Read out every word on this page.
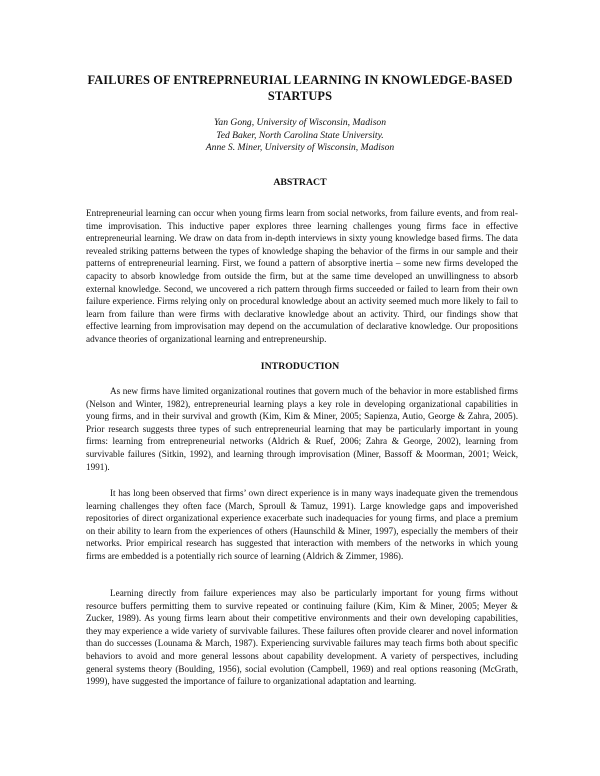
FAILURES OF ENTREPRNEURIAL LEARNING IN KNOWLEDGE-BASED STARTUPS
Yan Gong, University of Wisconsin, Madison
Ted Baker, North Carolina State University.
Anne S. Miner, University of Wisconsin, Madison
ABSTRACT
Entrepreneurial learning can occur when young firms learn from social networks, from failure events, and from real-time improvisation. This inductive paper explores three learning challenges young firms face in effective entrepreneurial learning. We draw on data from in-depth interviews in sixty young knowledge based firms. The data revealed striking patterns between the types of knowledge shaping the behavior of the firms in our sample and their patterns of entrepreneurial learning. First, we found a pattern of absorptive inertia – some new firms developed the capacity to absorb knowledge from outside the firm, but at the same time developed an unwillingness to absorb external knowledge. Second, we uncovered a rich pattern through firms succeeded or failed to learn from their own failure experience. Firms relying only on procedural knowledge about an activity seemed much more likely to fail to learn from failure than were firms with declarative knowledge about an activity. Third, our findings show that effective learning from improvisation may depend on the accumulation of declarative knowledge. Our propositions advance theories of organizational learning and entrepreneurship.
INTRODUCTION
As new firms have limited organizational routines that govern much of the behavior in more established firms (Nelson and Winter, 1982), entrepreneurial learning plays a key role in developing organizational capabilities in young firms, and in their survival and growth (Kim, Kim & Miner, 2005; Sapienza, Autio, George & Zahra, 2005). Prior research suggests three types of such entrepreneurial learning that may be particularly important in young firms: learning from entrepreneurial networks (Aldrich & Ruef, 2006; Zahra & George, 2002), learning from survivable failures (Sitkin, 1992), and learning through improvisation (Miner, Bassoff & Moorman, 2001; Weick, 1991).
It has long been observed that firms’ own direct experience is in many ways inadequate given the tremendous learning challenges they often face (March, Sproull & Tamuz, 1991). Large knowledge gaps and impoverished repositories of direct organizational experience exacerbate such inadequacies for young firms, and place a premium on their ability to learn from the experiences of others (Haunschild & Miner, 1997), especially the members of their networks. Prior empirical research has suggested that interaction with members of the networks in which young firms are embedded is a potentially rich source of learning (Aldrich & Zimmer, 1986).
Learning directly from failure experiences may also be particularly important for young firms without resource buffers permitting them to survive repeated or continuing failure (Kim, Kim & Miner, 2005; Meyer & Zucker, 1989). As young firms learn about their competitive environments and their own developing capabilities, they may experience a wide variety of survivable failures. These failures often provide clearer and novel information than do successes (Lounama & March, 1987). Experiencing survivable failures may teach firms both about specific behaviors to avoid and more general lessons about capability development. A variety of perspectives, including general systems theory (Boulding, 1956), social evolution (Campbell, 1969) and real options reasoning (McGrath, 1999), have suggested the importance of failure to organizational adaptation and learning.
